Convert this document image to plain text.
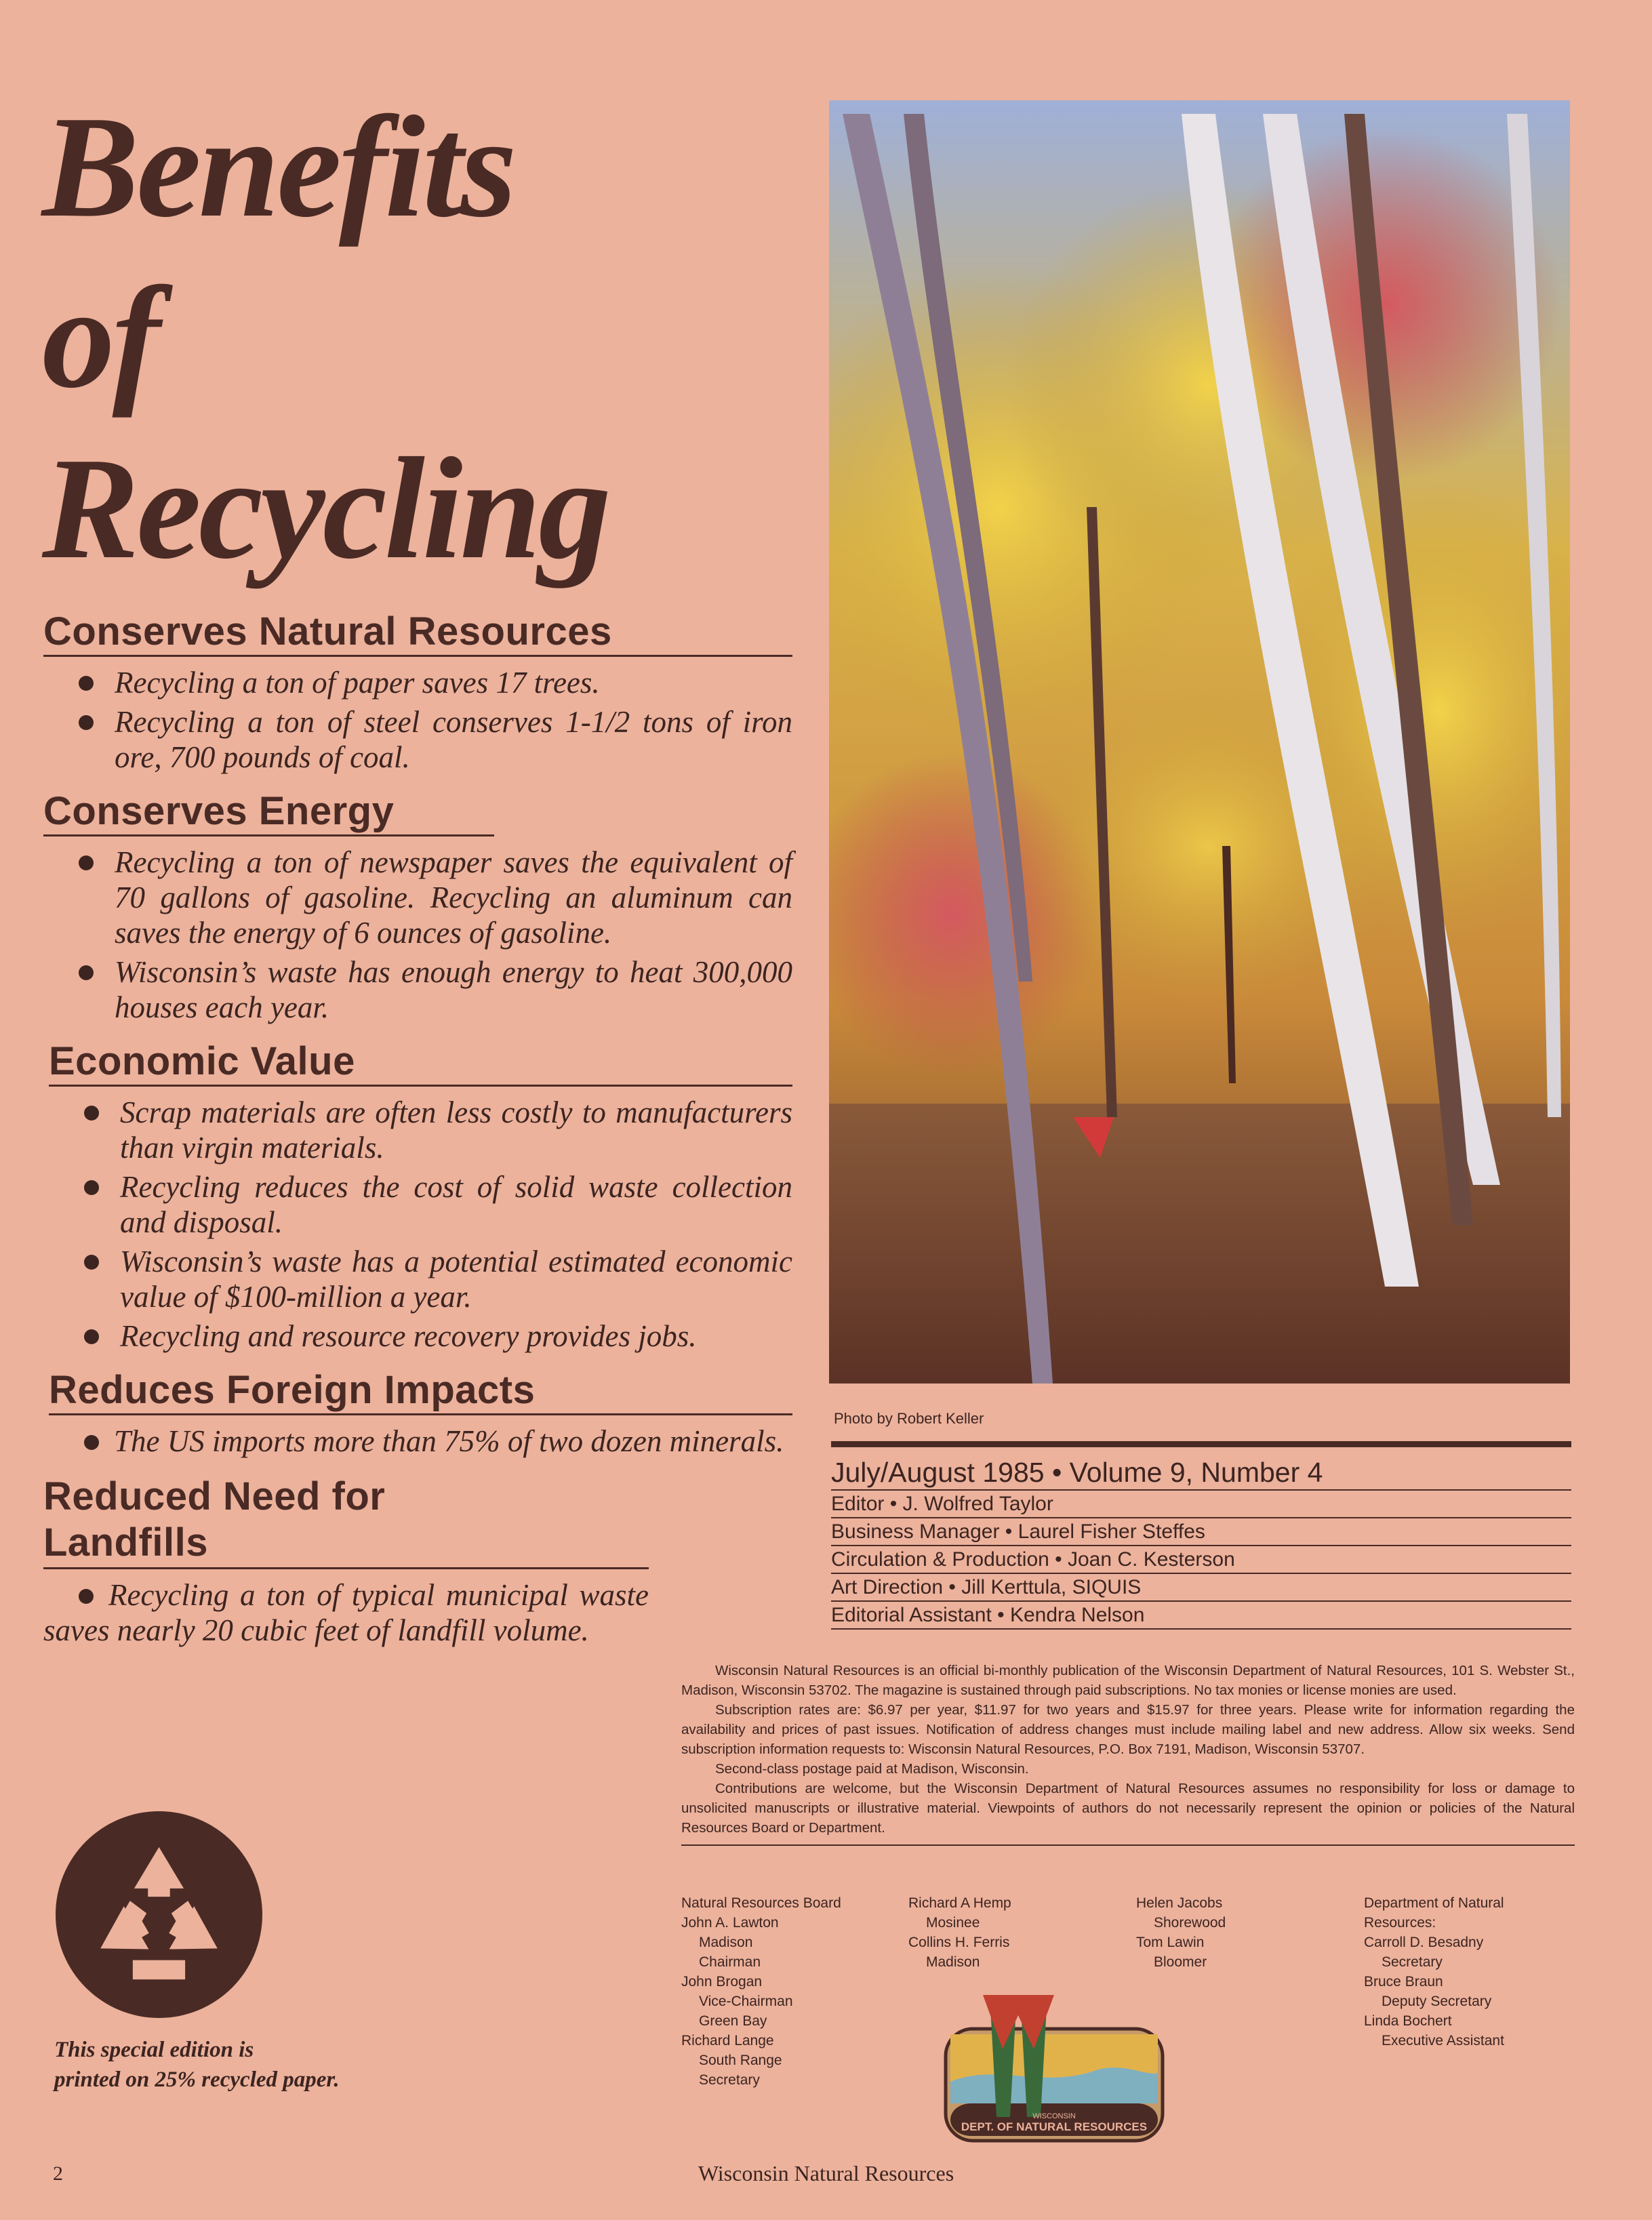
Benefits
of
Recycling
Conserves Natural Resources
Recycling a ton of paper saves 17 trees.
Recycling a ton of steel conserves 1-1/2 tons of iron ore, 700 pounds of coal.
Conserves Energy
Recycling a ton of newspaper saves the equivalent of 70 gallons of gasoline. Recycling an aluminum can saves the energy of 6 ounces of gasoline.
Wisconsin’s waste has enough energy to heat 300,000 houses each year.
Economic Value
Scrap materials are often less costly to manufacturers than virgin materials.
Recycling reduces the cost of solid waste collection and disposal.
Wisconsin’s waste has a potential estimated economic value of $100-million a year.
Recycling and resource recovery provides jobs.
Reduces Foreign Impacts

The US imports more than 75% of two dozen minerals.

Reduced Need for
Landfills

Recycling a ton of typical municipal waste saves nearly 20 cubic feet of landfill volume.

Photo by Robert Keller
July/August 1985 • Volume 9, Number 4
Editor • J. Wolfred Taylor
Business Manager • Laurel Fisher Steffes
Circulation & Production • Joan C. Kesterson
Art Direction • Jill Kerttula, SIQUIS
Editorial Assistant • Kendra Nelson

Wisconsin Natural Resources is an official bi-monthly publication of the Wisconsin Department of Natural Resources, 101 S. Webster St., Madison, Wisconsin 53702. The magazine is sustained through paid subscriptions. No tax monies or license monies are used.

Subscription rates are: $6.97 per year, $11.97 for two years and $15.97 for three years. Please write for information regarding the availability and prices of past issues. Notification of address changes must include mailing label and new address. Allow six weeks. Send subscription information requests to: Wisconsin Natural Resources, P.O. Box 7191, Madison, Wisconsin 53707.

Second-class postage paid at Madison, Wisconsin.

Contributions are welcome, but the Wisconsin Department of Natural Resources assumes no responsibility for loss or damage to unsolicited manuscripts or illustrative material. Viewpoints of authors do not necessarily represent the opinion or policies of the Natural Resources Board or Department.

Natural Resources Board
John A. Lawton
Madison
Chairman
John Brogan
Vice-Chairman
Green Bay
Richard Lange
South Range
Secretary
Richard A Hemp
Mosinee
Collins H. Ferris
Madison
Helen Jacobs
Shorewood
Tom Lawin
Bloomer
Department of Natural
Resources:
Carroll D. Besadny
Secretary
Bruce Braun
Deputy Secretary
Linda Bochert
Executive Assistant
This special edition is
printed on 25% recycled paper.
WISCONSIN
DEPT. OF NATURAL RESOURCES
2	Wisconsin Natural Resources
